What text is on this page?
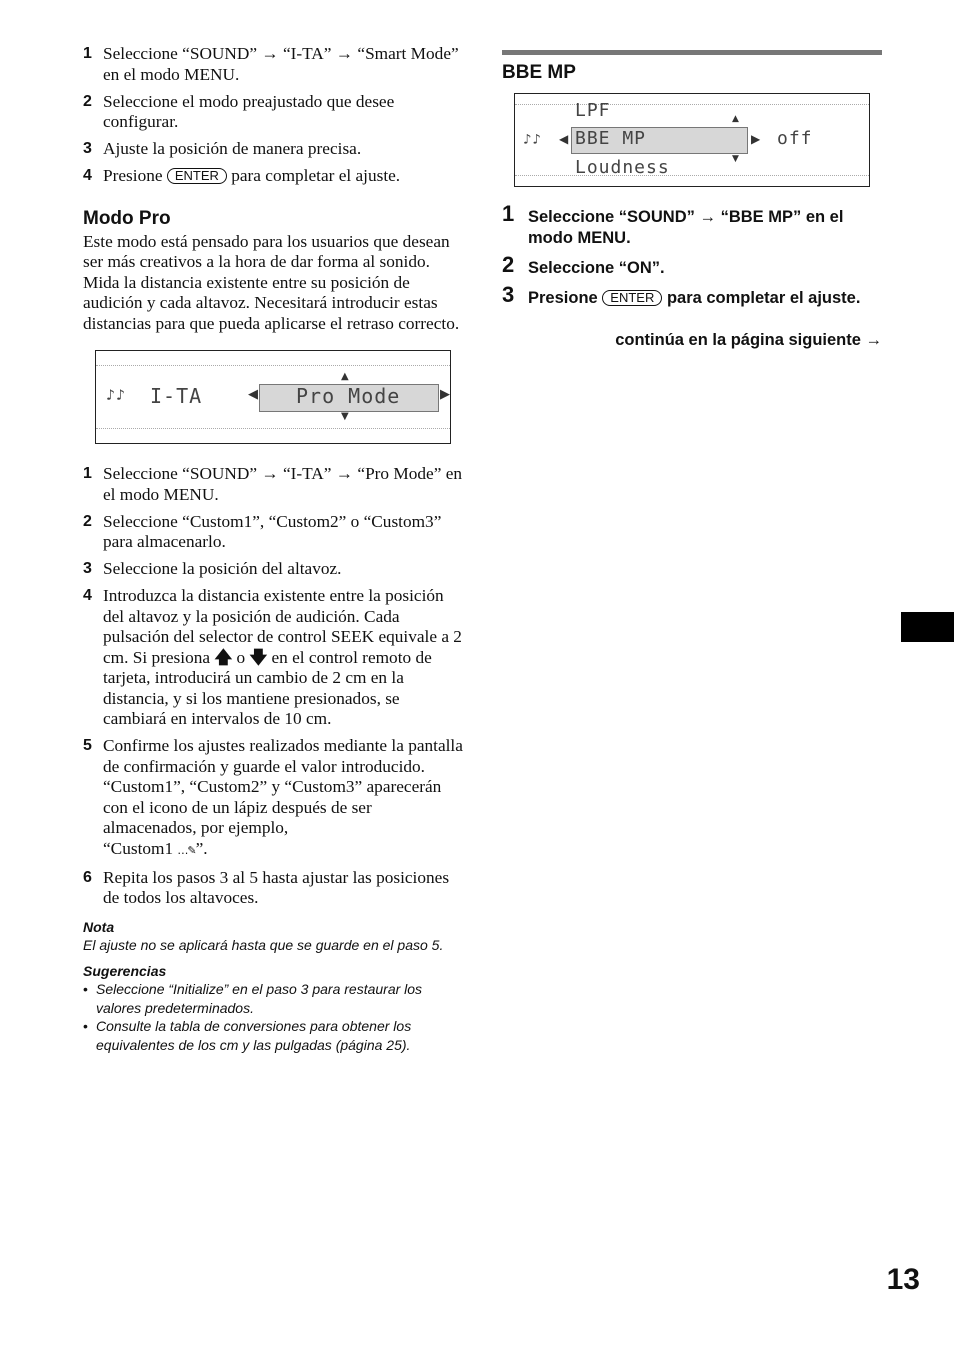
1 Seleccione “SOUND” → “I-TA” → “Smart Mode” en el modo MENU.
2 Seleccione el modo preajustado que desee configurar.
3 Ajuste la posición de manera precisa.
4 Presione ENTER para completar el ajuste.
Modo Pro

Este modo está pensado para los usuarios que desean ser más creativos a la hora de dar forma al sonido. Mida la distancia existente entre su posición de audición y cada altavoz. Necesitará introducir estas distancias para que pueda aplicarse el retraso correcto.

♪♪ I-TA	◀ Pro Mode	▶
▲
▼
1 Seleccione “SOUND” → “I-TA” → “Pro Mode” en el modo MENU.
2 Seleccione “Custom1”, “Custom2” o “Custom3” para almacenarlo.
3 Seleccione la posición del altavoz.
4 Introduzca la distancia existente entre la posición del altavoz y la posición de audición. Cada pulsación del selector de control SEEK equivale a 2 cm. Si presiona 🡅 o 🡇 en el control remoto de tarjeta, introducirá un cambio de 2 cm en la distancia, y si los mantiene presionados, se cambiará en intervalos de 10 cm.
5 Confirme los ajustes realizados mediante la pantalla de confirmación y guarde el valor introducido.
“Custom1”, “Custom2” y “Custom3” aparecerán con el icono de un lápiz después de ser almacenados, por ejemplo,
“Custom1 …✎”.
6 Repita los pasos 3 al 5 hasta ajustar las posiciones de todos los altavoces.
Nota

El ajuste no se aplicará hasta que se guarde en el paso 5.

Sugerencias
• Seleccione “Initialize” en el paso 3 para restaurar los valores predeterminados.
• Consulte la tabla de conversiones para obtener los equivalentes de los cm y las pulgadas (página 25).
BBE MP
LPF
♪♪ ◀ BBE MP	▶ off
▲
▼
Loudness
1 Seleccione “SOUND” → “BBE MP” en el modo MENU.
2 Seleccione “ON”.
3 Presione ENTER para completar el ajuste.
continúa en la página siguiente →
13
